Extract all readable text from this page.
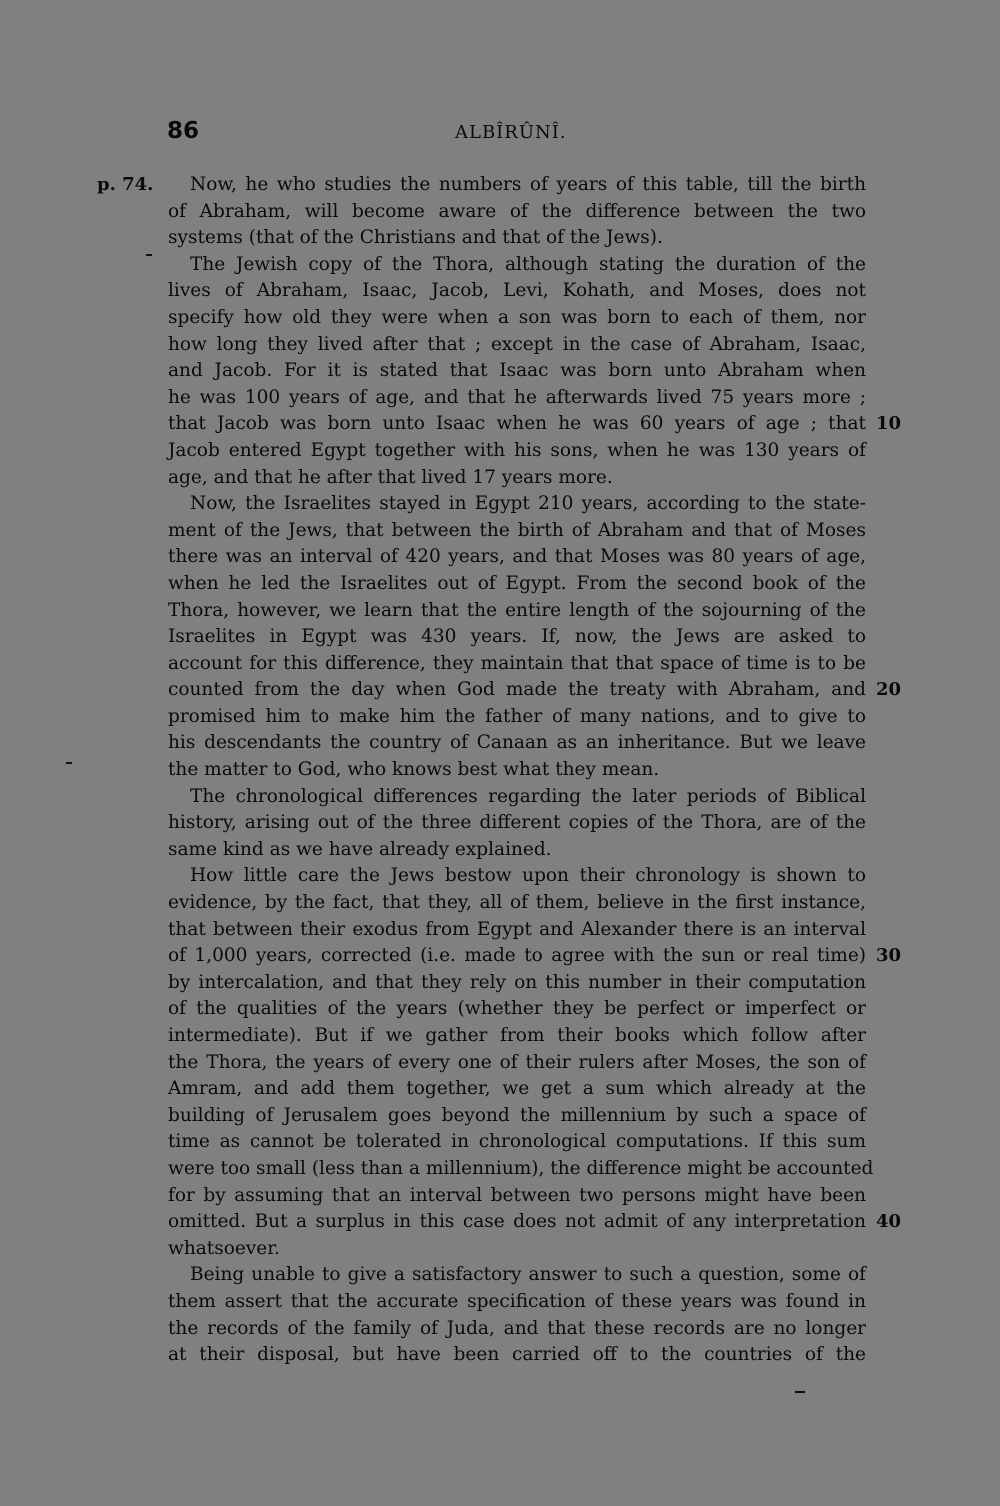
86	ALBÎRÛNÎ.
p. 74.	Now, he who studies the numbers of years of this table, till the birth
of Abraham, will become aware of the difference between the two
systems (that of the Christians and that of the Jews).
The Jewish copy of the Thora, although stating the duration of the
lives of Abraham, Isaac, Jacob, Levi, Kohath, and Moses, does not
specify how old they were when a son was born to each of them, nor
how long they lived after that ; except in the case of Abraham, Isaac,
and Jacob. For it is stated that Isaac was born unto Abraham when
he was 100 years of age, and that he afterwards lived 75 years more ;
that Jacob was born unto Isaac when he was 60 years of age ; that 10
Jacob entered Egypt together with his sons, when he was 130 years of
age, and that he after that lived 17 years more.
Now, the Israelites stayed in Egypt 210 years, according to the state-
ment of the Jews, that between the birth of Abraham and that of Moses
there was an interval of 420 years, and that Moses was 80 years of age,
when he led the Israelites out of Egypt. From the second book of the
Thora, however, we learn that the entire length of the sojourning of the
Israelites in Egypt was 430 years. If, now, the Jews are asked to
account for this difference, they maintain that that space of time is to be
counted from the day when God made the treaty with Abraham, and 20
promised him to make him the father of many nations, and to give to
his descendants the country of Canaan as an inheritance. But we leave
the matter to God, who knows best what they mean.
The chronological differences regarding the later periods of Biblical
history, arising out of the three different copies of the Thora, are of the
same kind as we have already explained.
How little care the Jews bestow upon their chronology is shown to
evidence, by the fact, that they, all of them, believe in the first instance,
that between their exodus from Egypt and Alexander there is an interval
of 1,000 years, corrected (i.e. made to agree with the sun or real time) 30
by intercalation, and that they rely on this number in their computation
of the qualities of the years (whether they be perfect or imperfect or
intermediate). But if we gather from their books which follow after
the Thora, the years of every one of their rulers after Moses, the son of
Amram, and add them together, we get a sum which already at the
building of Jerusalem goes beyond the millennium by such a space of
time as cannot be tolerated in chronological computations. If this sum
were too small (less than a millennium), the difference might be accounted
for by assuming that an interval between two persons might have been
omitted. But a surplus in this case does not admit of any interpretation 40
whatsoever.
Being unable to give a satisfactory answer to such a question, some of
them assert that the accurate specification of these years was found in
the records of the family of Juda, and that these records are no longer
at their disposal, but have been carried off to the countries of the
